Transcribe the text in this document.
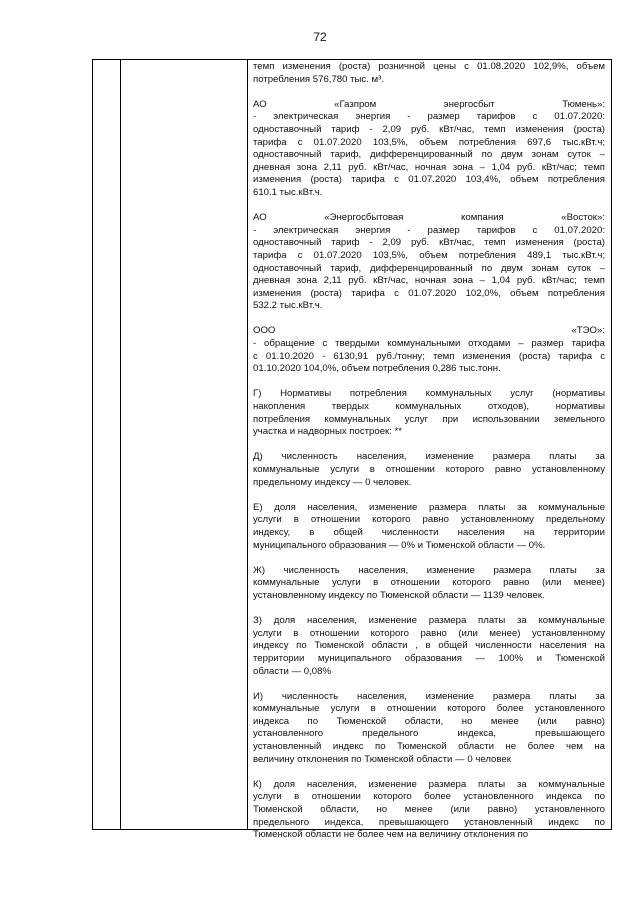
72
темп изменения (роста) розничной цены с 01.08.2020 102,9%, объем
потребления 576,780 тыс. м³.
АО «Газпром энергосбыт Тюмень»:
- электрическая энергия - размер тарифов с 01.07.2020:
одноставочный тариф - 2,09 руб. кВт/час, темп изменения (роста)
тарифа с 01.07.2020 103,5%, объем потребления 697,6 тыс.кВт.ч;
одноставочный тариф, дифференцированный по двум зонам суток –
дневная зона 2,11 руб. кВт/час, ночная зона – 1,04 руб. кВт/час; темп
изменения (роста) тарифа с 01.07.2020 103,4%, объем потребления
610.1 тыс.кВт.ч.
АО «Энергосбытовая компания «Восток»:
- электрическая энергия - размер тарифов с 01.07.2020:
одноставочный тариф - 2,09 руб. кВт/час, темп изменения (роста)
тарифа с 01.07.2020 103,5%, объем потребления 489,1 тыс.кВт.ч;
одноставочный тариф, дифференцированный по двум зонам суток –
дневная зона 2,11 руб. кВт/час, ночная зона – 1,04 руб. кВт/час; темп
изменения (роста) тарифа с 01.07.2020 102,0%, объем потребления
532.2 тыс.кВт.ч.
ООО «ТЭО»:
- обращение с твердыми коммунальными отходами – размер тарифа
с 01.10.2020 - 6130,91 руб./тонну; темп изменения (роста) тарифа с
01.10.2020 104,0%, объем потребления 0,286 тыс.тонн.
Г) Нормативы потребления коммунальных услуг (нормативы
накопления твердых коммунальных отходов), нормативы
потребления коммунальных услуг при использовании земельного
участка и надворных построек: **
Д) численность населения, изменение размера платы за
коммунальные услуги в отношении которого равно установленному
предельному индексу — 0 человек.
Е) доля населения, изменение размера платы за коммунальные
услуги в отношении которого равно установленному предельному
индексу, в общей численности населения на территории
муниципального образования — 0% и Тюменской области — 0%.
Ж) численность населения, изменение размера платы за
коммунальные услуги в отношении которого равно (или менее)
установленному индексу по Тюменской области — 1139 человек.
З) доля населения, изменение размера платы за коммунальные
услуги в отношении которого равно (или менее) установленному
индексу по Тюменской области , в общей численности населения на
территории муниципального образования — 100% и Тюменской
области — 0,08%
И) численность населения, изменение размера платы за
коммунальные услуги в отношении которого более установленного
индекса по Тюменской области, но менее (или равно)
установленного предельного индекса, превышающего
установленный индекс по Тюменской области не более чем на
величину отклонения по Тюменской области — 0 человек
К) доля населения, изменение размера платы за коммунальные
услуги в отношении которого более установленного индекса по
Тюменской области, но менее (или равно) установленного
предельного индекса, превышающего установленный индекс по
Тюменской области не более чем на величину отклонения по
